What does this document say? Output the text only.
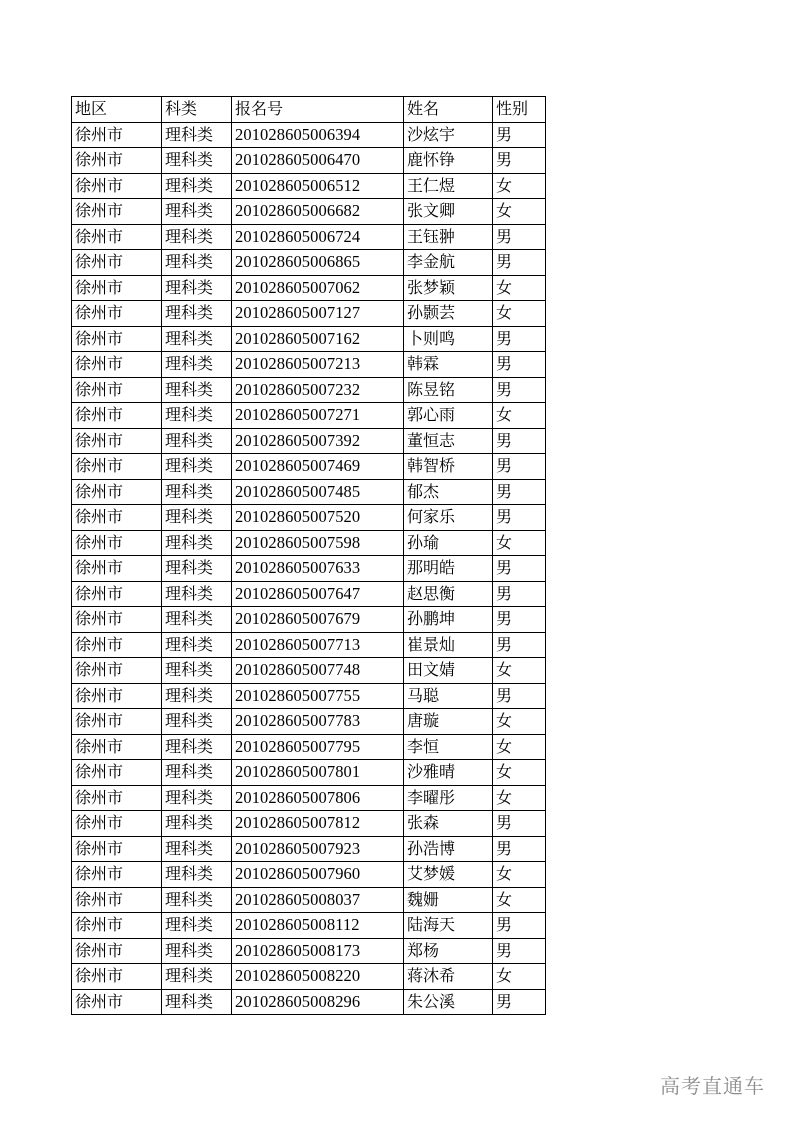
地区	科类	报名号	姓名	性别
徐州市	理科类	201028605006394	沙炫宇	男
徐州市	理科类	201028605006470	鹿怀铮	男
徐州市	理科类	201028605006512	王仁煜	女
徐州市	理科类	201028605006682	张文卿	女
徐州市	理科类	201028605006724	王钰翀	男
徐州市	理科类	201028605006865	李金航	男
徐州市	理科类	201028605007062	张梦颖	女
徐州市	理科类	201028605007127	孙颢芸	女
徐州市	理科类	201028605007162	卜则鸣	男
徐州市	理科类	201028605007213	韩霖	男
徐州市	理科类	201028605007232	陈昱铭	男
徐州市	理科类	201028605007271	郭心雨	女
徐州市	理科类	201028605007392	董恒志	男
徐州市	理科类	201028605007469	韩智桥	男
徐州市	理科类	201028605007485	郁杰	男
徐州市	理科类	201028605007520	何家乐	男
徐州市	理科类	201028605007598	孙瑜	女
徐州市	理科类	201028605007633	那明皓	男
徐州市	理科类	201028605007647	赵思衡	男
徐州市	理科类	201028605007679	孙鹏坤	男
徐州市	理科类	201028605007713	崔景灿	男
徐州市	理科类	201028605007748	田文婧	女
徐州市	理科类	201028605007755	马聪	男
徐州市	理科类	201028605007783	唐璇	女
徐州市	理科类	201028605007795	李恒	女
徐州市	理科类	201028605007801	沙雅晴	女
徐州市	理科类	201028605007806	李曜彤	女
徐州市	理科类	201028605007812	张森	男
徐州市	理科类	201028605007923	孙浩博	男
徐州市	理科类	201028605007960	艾梦媛	女
徐州市	理科类	201028605008037	魏姗	女
徐州市	理科类	201028605008112	陆海天	男
徐州市	理科类	201028605008173	郑杨	男
徐州市	理科类	201028605008220	蒋沐希	女
徐州市	理科类	201028605008296	朱公溪	男
高考直通车
